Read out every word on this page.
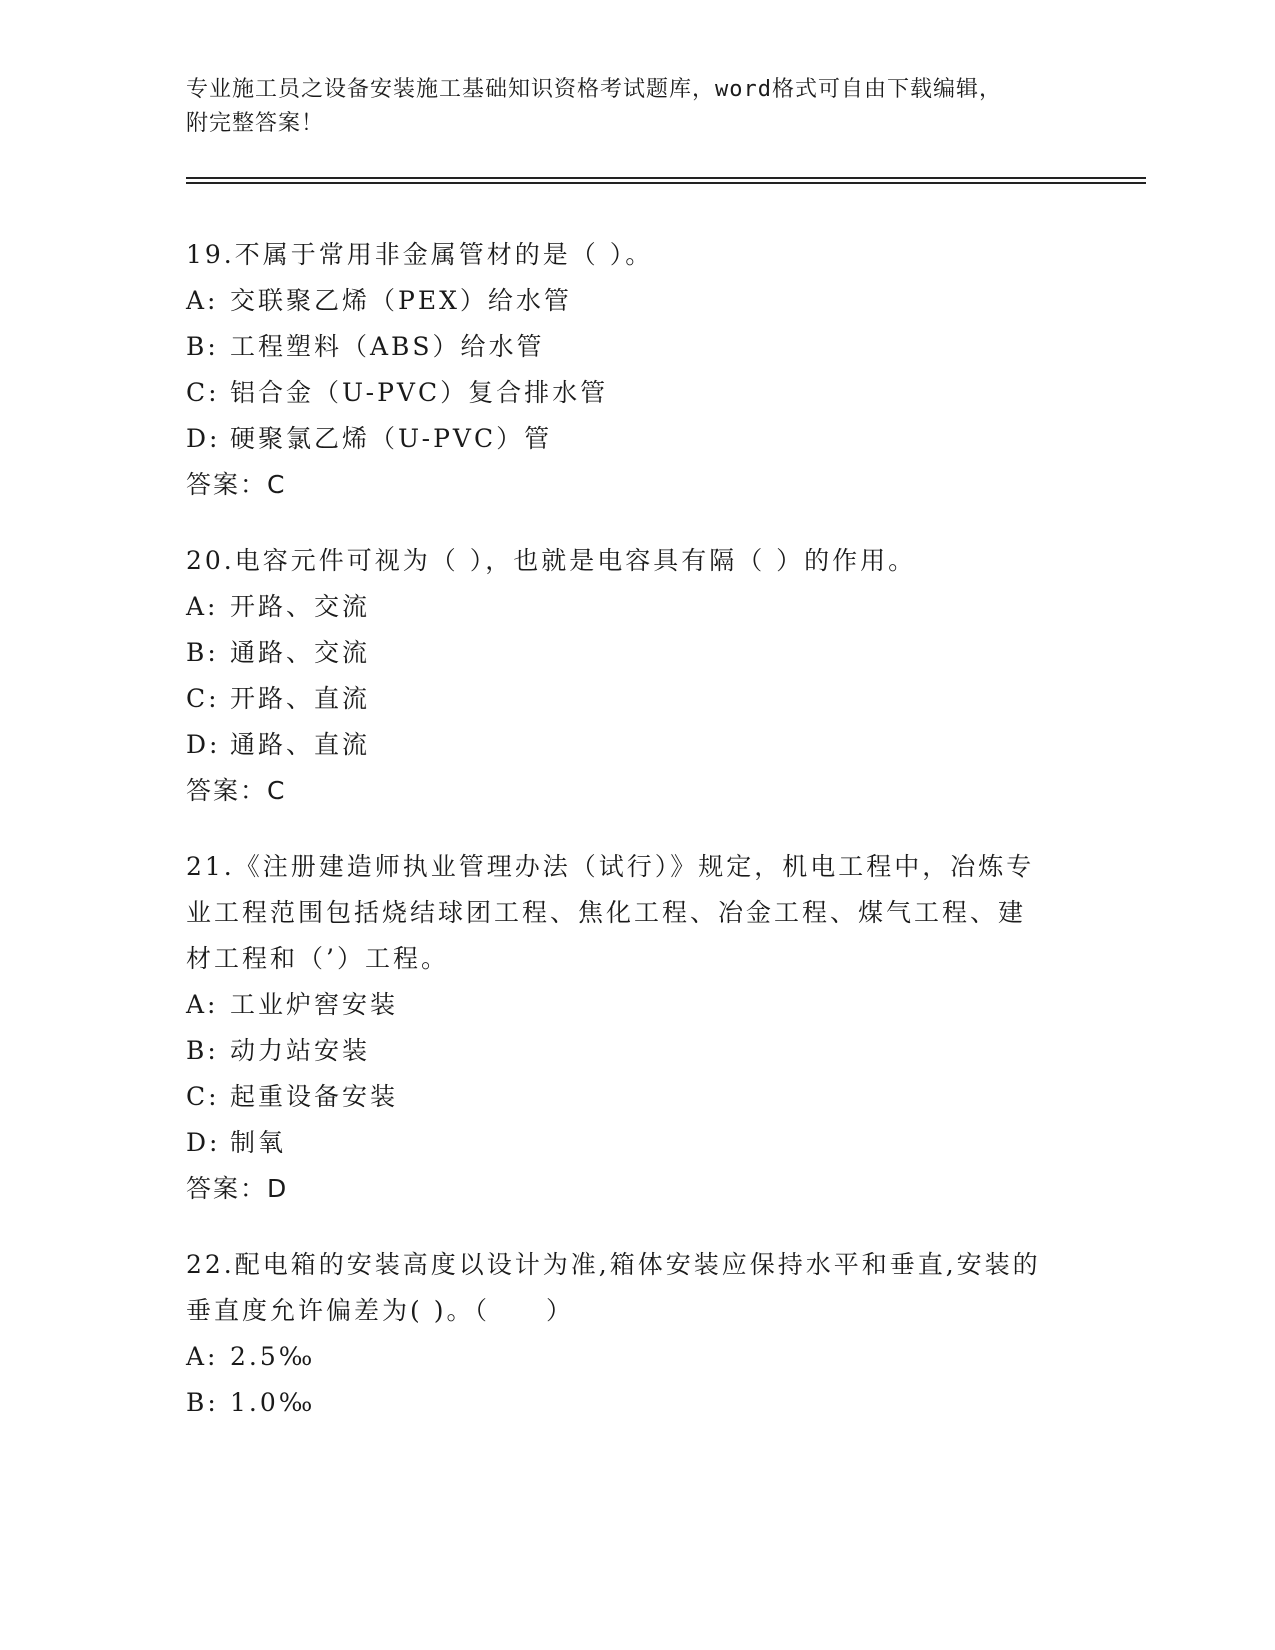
专业施工员之设备安装施工基础知识资格考试题库，word格式可自由下载编辑，
附完整答案！
19.不属于常用非金属管材的是（ ）。
A: 交联聚乙烯（PEX）给水管
B: 工程塑料（ABS）给水管
C: 铝合金（U-PVC）复合排水管
D: 硬聚氯乙烯（U-PVC）管
答案：C
20.电容元件可视为（ ），也就是电容具有隔（ ）的作用。
A: 开路、交流
B: 通路、交流
C: 开路、直流
D: 通路、直流
答案：C
21.《注册建造师执业管理办法（试行）》规定，机电工程中，冶炼专
业工程范围包括烧结球团工程、焦化工程、冶金工程、煤气工程、建
材工程和（’）工程。
A: 工业炉窖安装
B: 动力站安装
C: 起重设备安装
D: 制氧
答案：D
22.配电箱的安装高度以设计为准,箱体安装应保持水平和垂直,安装的
垂直度允许偏差为( )。（　　）
A: 2.5‰
B: 1.0‰
